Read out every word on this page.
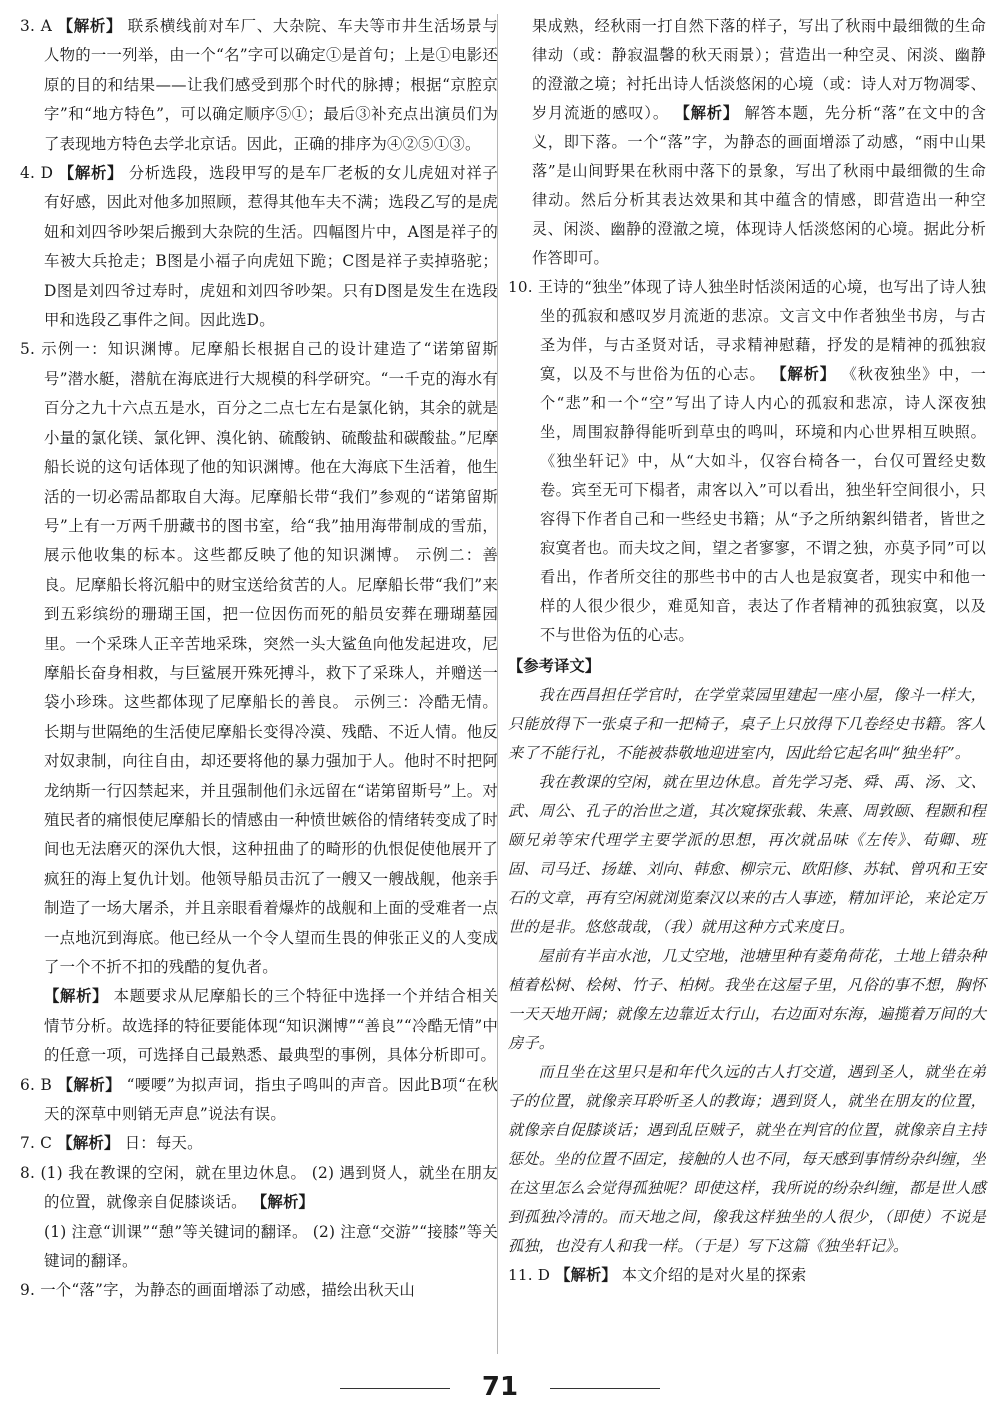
3. A 【解析】 联系横线前对车厂、大杂院、车夫等市井生活场景与人物的一一列举，由一个“名”字可以确定①是首句；上是①电影还原的目的和结果——让我们感受到那个时代的脉搏；根据“京腔京字”和“地方特色”，可以确定顺序⑤①；最后③补充点出演员们为了表现地方特色去学北京话。因此，正确的排序为④②⑤①③。

4. D 【解析】 分析选段，选段甲写的是车厂老板的女儿虎妞对祥子有好感，因此对他多加照顾，惹得其他车夫不满；选段乙写的是虎妞和刘四爷吵架后搬到大杂院的生活。四幅图片中，A图是祥子的车被大兵抢走；B图是小福子向虎妞下跪；C图是祥子卖掉骆驼；D图是刘四爷过寿时，虎妞和刘四爷吵架。只有D图是发生在选段甲和选段乙事件之间。因此选D。

5. 示例一：知识渊博。尼摩船长根据自己的设计建造了“诺第留斯号”潜水艇，潜航在海底进行大规模的科学研究。“一千克的海水有百分之九十六点五是水，百分之二点七左右是氯化钠，其余的就是小量的氯化镁、氯化钾、溴化钠、硫酸钠、硫酸盐和碳酸盐。”尼摩船长说的这句话体现了他的知识渊博。他在大海底下生活着，他生活的一切必需品都取自大海。尼摩船长带“我们”参观的“诺第留斯号”上有一万两千册藏书的图书室，给“我”抽用海带制成的雪茄，展示他收集的标本。这些都反映了他的知识渊博。 示例二：善良。尼摩船长将沉船中的财宝送给贫苦的人。尼摩船长带“我们”来到五彩缤纷的珊瑚王国，把一位因伤而死的船员安葬在珊瑚墓园里。一个采珠人正辛苦地采珠，突然一头大鲨鱼向他发起进攻，尼摩船长奋身相救，与巨鲨展开殊死搏斗，救下了采珠人，并赠送一袋小珍珠。这些都体现了尼摩船长的善良。 示例三：冷酷无情。长期与世隔绝的生活使尼摩船长变得冷漠、残酷、不近人情。他反对奴隶制，向往自由，却还要将他的暴力强加于人。他时不时把阿龙纳斯一行囚禁起来，并且强制他们永远留在“诺第留斯号”上。对殖民者的痛恨使尼摩船长的情感由一种愤世嫉俗的情绪转变成了时间也无法磨灭的深仇大恨，这种扭曲了的畸形的仇恨促使他展开了疯狂的海上复仇计划。他领导船员击沉了一艘又一艘战舰，他亲手制造了一场大屠杀，并且亲眼看着爆炸的战舰和上面的受难者一点一点地沉到海底。他已经从一个令人望而生畏的伸张正义的人变成了一个不折不扣的残酷的复仇者。

【解析】 本题要求从尼摩船长的三个特征中选择一个并结合相关情节分析。故选择的特征要能体现“知识渊博”“善良”“冷酷无情”中的任意一项，可选择自己最熟悉、最典型的事例，具体分析即可。

6. B 【解析】 “喓喓”为拟声词，指虫子鸣叫的声音。因此B项“在秋天的深草中则销无声息”说法有误。

7. C 【解析】 日：每天。

8. (1) 我在教课的空闲，就在里边休息。 (2) 遇到贤人，就坐在朋友的位置，就像亲自促膝谈话。 【解析】

(1) 注意“训课”“憩”等关键词的翻译。 (2) 注意“交游”“接膝”等关键词的翻译。

9. 一个“落”字，为静态的画面增添了动感，描绘出秋天山

果成熟，经秋雨一打自然下落的样子，写出了秋雨中最细微的生命律动（或：静寂温馨的秋天雨景）；营造出一种空灵、闲淡、幽静的澄澈之境；衬托出诗人恬淡悠闲的心境（或：诗人对万物凋零、岁月流逝的感叹）。 【解析】 解答本题，先分析“落”在文中的含义，即下落。一个“落”字，为静态的画面增添了动感，“雨中山果落”是山间野果在秋雨中落下的景象，写出了秋雨中最细微的生命律动。然后分析其表达效果和其中蕴含的情感，即营造出一种空灵、闲淡、幽静的澄澈之境，体现诗人恬淡悠闲的心境。据此分析作答即可。

10. 王诗的“独坐”体现了诗人独坐时恬淡闲适的心境，也写出了诗人独坐的孤寂和感叹岁月流逝的悲凉。文言文中作者独坐书房，与古圣为伴，与古圣贤对话，寻求精神慰藉，抒发的是精神的孤独寂寞，以及不与世俗为伍的心志。 【解析】 《秋夜独坐》中，一个“悲”和一个“空”写出了诗人内心的孤寂和悲凉，诗人深夜独坐，周围寂静得能听到草虫的鸣叫，环境和内心世界相互映照。《独坐轩记》中，从“大如斗，仅容台椅各一，台仅可置经史数卷。宾至无可下榻者，肃客以入”可以看出，独坐轩空间很小，只容得下作者自己和一些经史书籍；从“予之所纳絮纠错者，皆世之寂寞者也。而夫坟之间，望之者寥寥，不谓之独，亦莫予同”可以看出，作者所交往的那些书中的古人也是寂寞者，现实中和他一样的人很少很少，难觅知音，表达了作者精神的孤独寂寞，以及不与世俗为伍的心志。

【参考译文】

我在西昌担任学官时，在学堂菜园里建起一座小屋，像斗一样大，只能放得下一张桌子和一把椅子，桌子上只放得下几卷经史书籍。客人来了不能行礼，不能被恭敬地迎进室内，因此给它起名叫“独坐轩”。

我在教课的空闲，就在里边休息。首先学习尧、舜、禹、汤、文、武、周公、孔子的治世之道，其次窥探张载、朱熹、周敦颐、程颢和程颐兄弟等宋代理学主要学派的思想，再次就品味《左传》、荀卿、班固、司马迁、扬雄、刘向、韩愈、柳宗元、欧阳修、苏轼、曾巩和王安石的文章，再有空闲就浏览秦汉以来的古人事迹，精加评论，来论定万世的是非。悠悠哉哉，（我）就用这种方式来度日。

屋前有半亩水池，几丈空地，池塘里种有菱角荷花，土地上错杂种植着松树、桧树、竹子、柏树。我坐在这屋子里，凡俗的事不想，胸怀一天天地开阔；就像左边靠近太行山，右边面对东海，遍揽着万间的大房子。

而且坐在这里只是和年代久远的古人打交道，遇到圣人，就坐在弟子的位置，就像亲耳聆听圣人的教诲；遇到贤人，就坐在朋友的位置，就像亲自促膝谈话；遇到乱臣贼子，就坐在判官的位置，就像亲自主持惩处。坐的位置不固定，接触的人也不同，每天感到事情纷杂纠缠，坐在这里怎么会觉得孤独呢？即使这样，我所说的纷杂纠缠，都是世人感到孤独冷清的。而天地之间，像我这样独坐的人很少，（即使）不说是孤独，也没有人和我一样。（于是）写下这篇《独坐轩记》。

11. D 【解析】 本文介绍的是对火星的探索

71
